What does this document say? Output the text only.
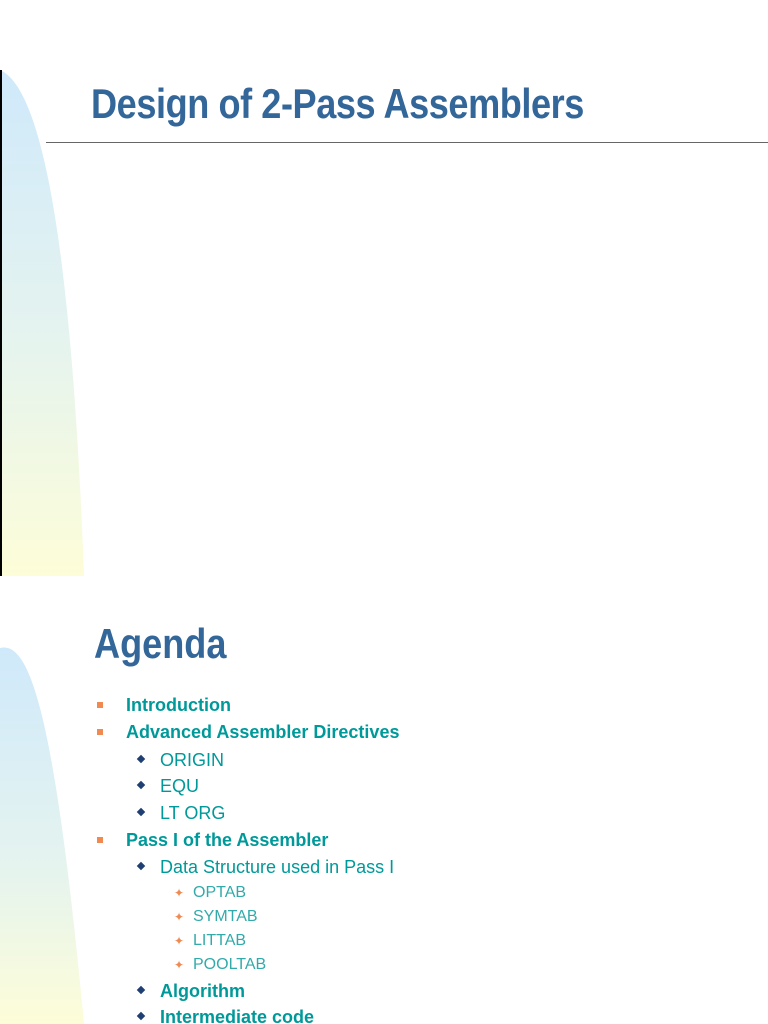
Design of 2-Pass Assemblers
Agenda
Introduction
Advanced Assembler Directives
ORIGIN
EQU
LT ORG
Pass I of the Assembler
Data Structure used in Pass I
✦ OPTAB
✦ SYMTAB
✦ LITTAB
✦ POOLTAB
Algorithm
Intermediate code
